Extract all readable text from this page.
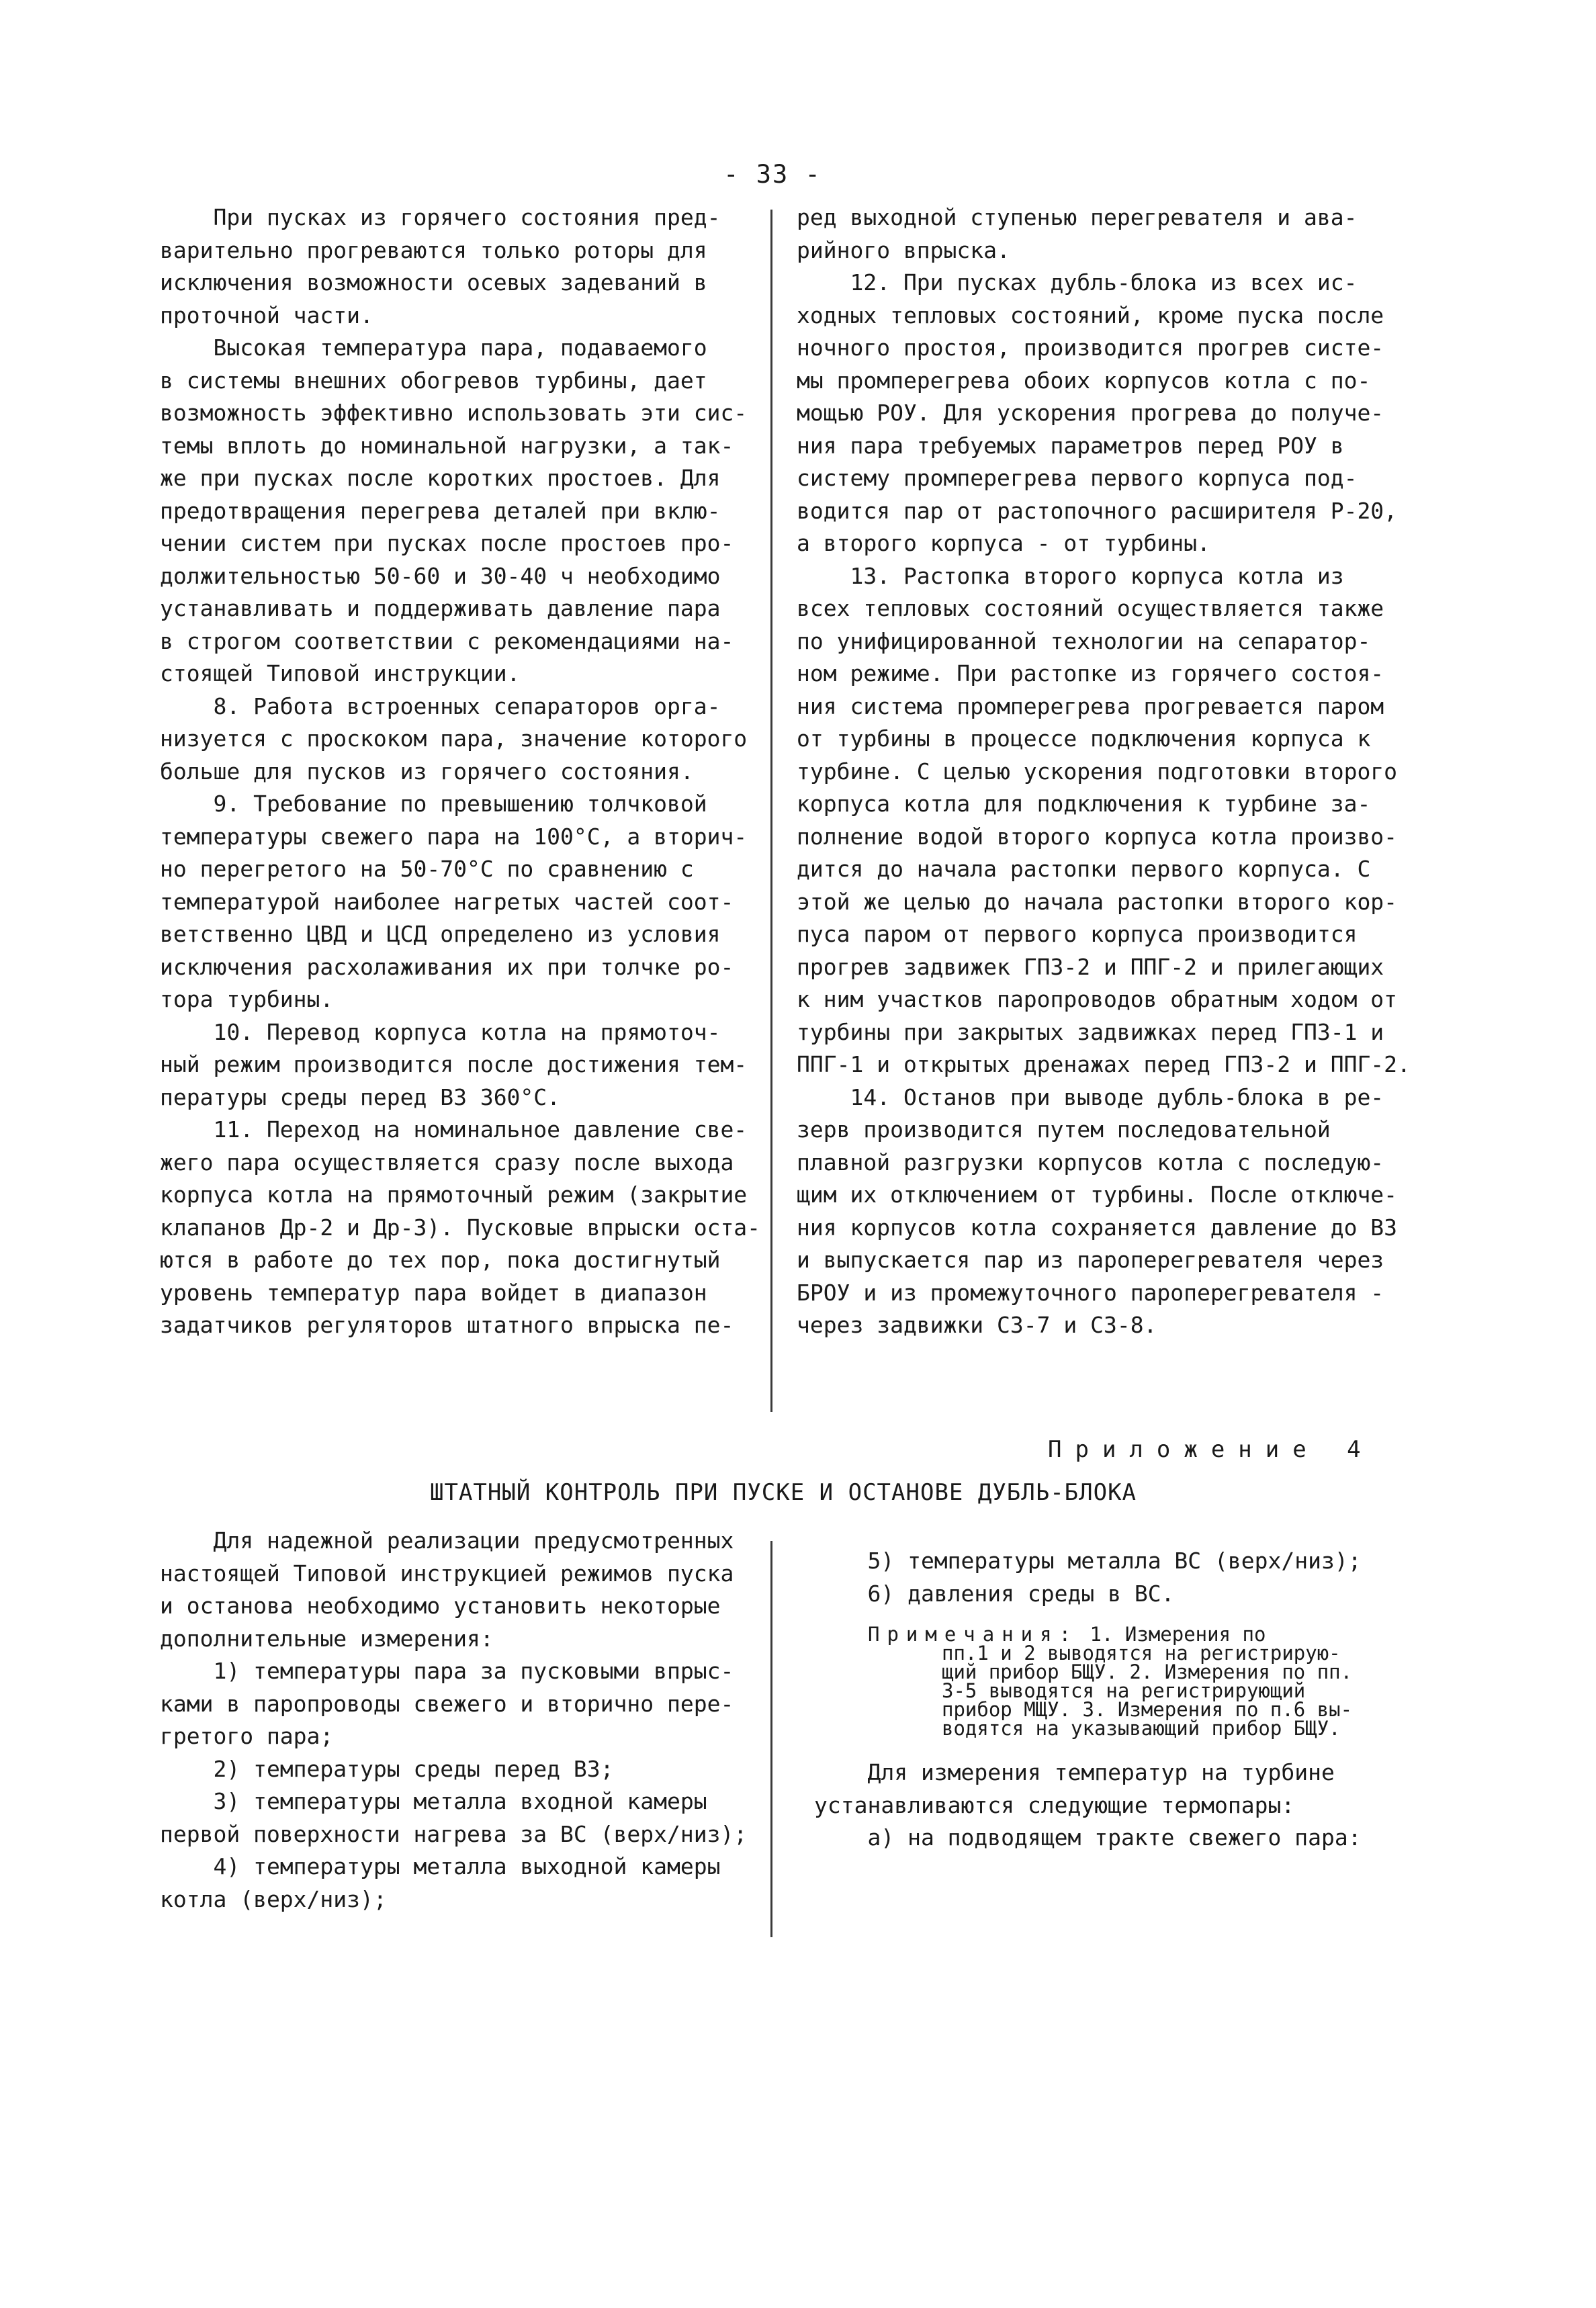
- 33 -

При пусках из горячего состояния пред-

варительно прогреваются только роторы для

исключения возможности осевых задеваний в

проточной части.

Высокая температура пара, подаваемого

в системы внешних обогревов турбины, дает

возможность эффективно использовать эти сис-

темы вплоть до номинальной нагрузки, а так-

же при пусках после коротких простоев. Для

предотвращения перегрева деталей при вклю-

чении систем при пусках после простоев про-

должительностью 50-60 и 30-40 ч необходимо

устанавливать и поддерживать давление пара

в строгом соответствии с рекомендациями на-

стоящей Типовой инструкции.

8. Работа встроенных сепараторов орга-

низуется с проскоком пара, значение которого

больше для пусков из горячего состояния.

9. Требование по превышению толчковой

температуры свежего пара на 100°С, а вторич-

но перегретого на 50-70°С по сравнению с

температурой наиболее нагретых частей соот-

ветственно ЦВД и ЦСД определено из условия

исключения расхолаживания их при толчке ро-

тора турбины.

10. Перевод корпуса котла на прямоточ-

ный режим производится после достижения тем-

пературы среды перед ВЗ 360°С.

11. Переход на номинальное давление све-

жего пара осуществляется сразу после выхода

корпуса котла на прямоточный режим (закрытие

клапанов Др-2 и Др-3). Пусковые впрыски оста-

ются в работе до тех пор, пока достигнутый

уровень температур пара войдет в диапазон

задатчиков регуляторов штатного впрыска пе-

ред выходной ступенью перегревателя и ава-

рийного впрыска.

12. При пусках дубль-блока из всех ис-

ходных тепловых состояний, кроме пуска после

ночного простоя, производится прогрев систе-

мы промперегрева обоих корпусов котла с по-

мощью РОУ. Для ускорения прогрева до получе-

ния пара требуемых параметров перед РОУ в

систему промперегрева первого корпуса под-

водится пар от растопочного расширителя Р-20,

а второго корпуса - от турбины.

13. Растопка второго корпуса котла из

всех тепловых состояний осуществляется также

по унифицированной технологии на сепаратор-

ном режиме. При растопке из горячего состоя-

ния система промперегрева прогревается паром

от турбины в процессе подключения корпуса к

турбине. С целью ускорения подготовки второго

корпуса котла для подключения к турбине за-

полнение водой второго корпуса котла произво-

дится до начала растопки первого корпуса. С

этой же целью до начала растопки второго кор-

пуса паром от первого корпуса производится

прогрев задвижек ГПЗ-2 и ППГ-2 и прилегающих

к ним участков паропроводов обратным ходом от

турбины при закрытых задвижках перед ГПЗ-1 и

ППГ-1 и открытых дренажах перед ГПЗ-2 и ППГ-2.

14. Останов при выводе дубль-блока в ре-

зерв производится путем последовательной

плавной разгрузки корпусов котла с последую-

щим их отключением от турбины. После отключе-

ния корпусов котла сохраняется давление до ВЗ

и выпускается пар из пароперегревателя через

БРОУ и из промежуточного пароперегревателя -

через задвижки СЗ-7 и СЗ-8.

Приложение 4
ШТАТНЫЙ КОНТРОЛЬ ПРИ ПУСКЕ И ОСТАНОВЕ ДУБЛЬ-БЛОКА

Для надежной реализации предусмотренных

настоящей Типовой инструкцией режимов пуска

и останова необходимо установить некоторые

дополнительные измерения:

1) температуры пара за пусковыми впрыс-

ками в паропроводы свежего и вторично пере-

гретого пара;

2) температуры среды перед ВЗ;

3) температуры металла входной камеры

первой поверхности нагрева за ВС (верх/низ);

4) температуры металла выходной камеры

котла (верх/низ);

5) температуры металла ВС (верх/низ);

6) давления среды в ВС.

Примечания: 1. Измерения по

пп.1 и 2 выводятся на регистрирую-

щий прибор БЩУ. 2. Измерения по пп.

3-5 выводятся на регистрирующий

прибор МЩУ. 3. Измерения по п.6 вы-

водятся на указывающий прибор БЩУ.

Для измерения температур на турбине

устанавливаются следующие термопары:

а) на подводящем тракте свежего пара:
